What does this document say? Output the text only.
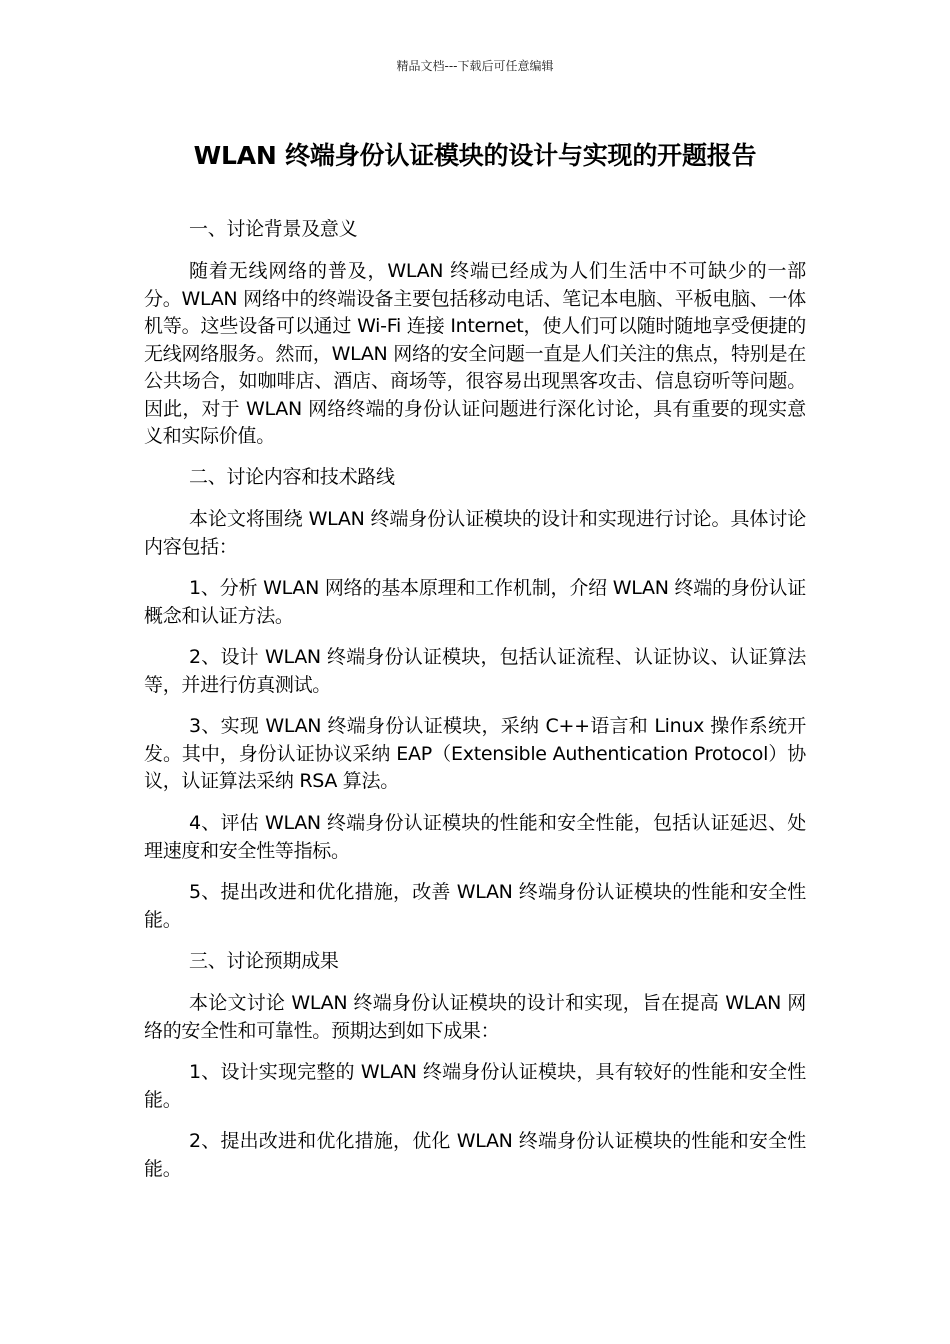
精品文档---下载后可任意编辑
WLAN 终端身份认证模块的设计与实现的开题报告

一、讨论背景及意义

随着无线网络的普及，WLAN 终端已经成为人们生活中不可缺少的一部分。WLAN 网络中的终端设备主要包括移动电话、笔记本电脑、平板电脑、一体机等。这些设备可以通过 Wi-Fi 连接 Internet，使人们可以随时随地享受便捷的无线网络服务。然而，WLAN 网络的安全问题一直是人们关注的焦点，特别是在公共场合，如咖啡店、酒店、商场等，很容易出现黑客攻击、信息窃听等问题。因此，对于 WLAN 网络终端的身份认证问题进行深化讨论，具有重要的现实意义和实际价值。

二、讨论内容和技术路线

本论文将围绕 WLAN 终端身份认证模块的设计和实现进行讨论。具体讨论内容包括：

1、分析 WLAN 网络的基本原理和工作机制，介绍 WLAN 终端的身份认证概念和认证方法。

2、设计 WLAN 终端身份认证模块，包括认证流程、认证协议、认证算法等，并进行仿真测试。

3、实现 WLAN 终端身份认证模块，采纳 C++语言和 Linux 操作系统开发。其中，身份认证协议采纳 EAP（Extensible Authentication Protocol）协议，认证算法采纳 RSA 算法。

4、评估 WLAN 终端身份认证模块的性能和安全性能，包括认证延迟、处理速度和安全性等指标。

5、提出改进和优化措施，改善 WLAN 终端身份认证模块的性能和安全性能。

三、讨论预期成果

本论文讨论 WLAN 终端身份认证模块的设计和实现，旨在提高 WLAN 网络的安全性和可靠性。预期达到如下成果：

1、设计实现完整的 WLAN 终端身份认证模块，具有较好的性能和安全性能。

2、提出改进和优化措施，优化 WLAN 终端身份认证模块的性能和安全性能。
